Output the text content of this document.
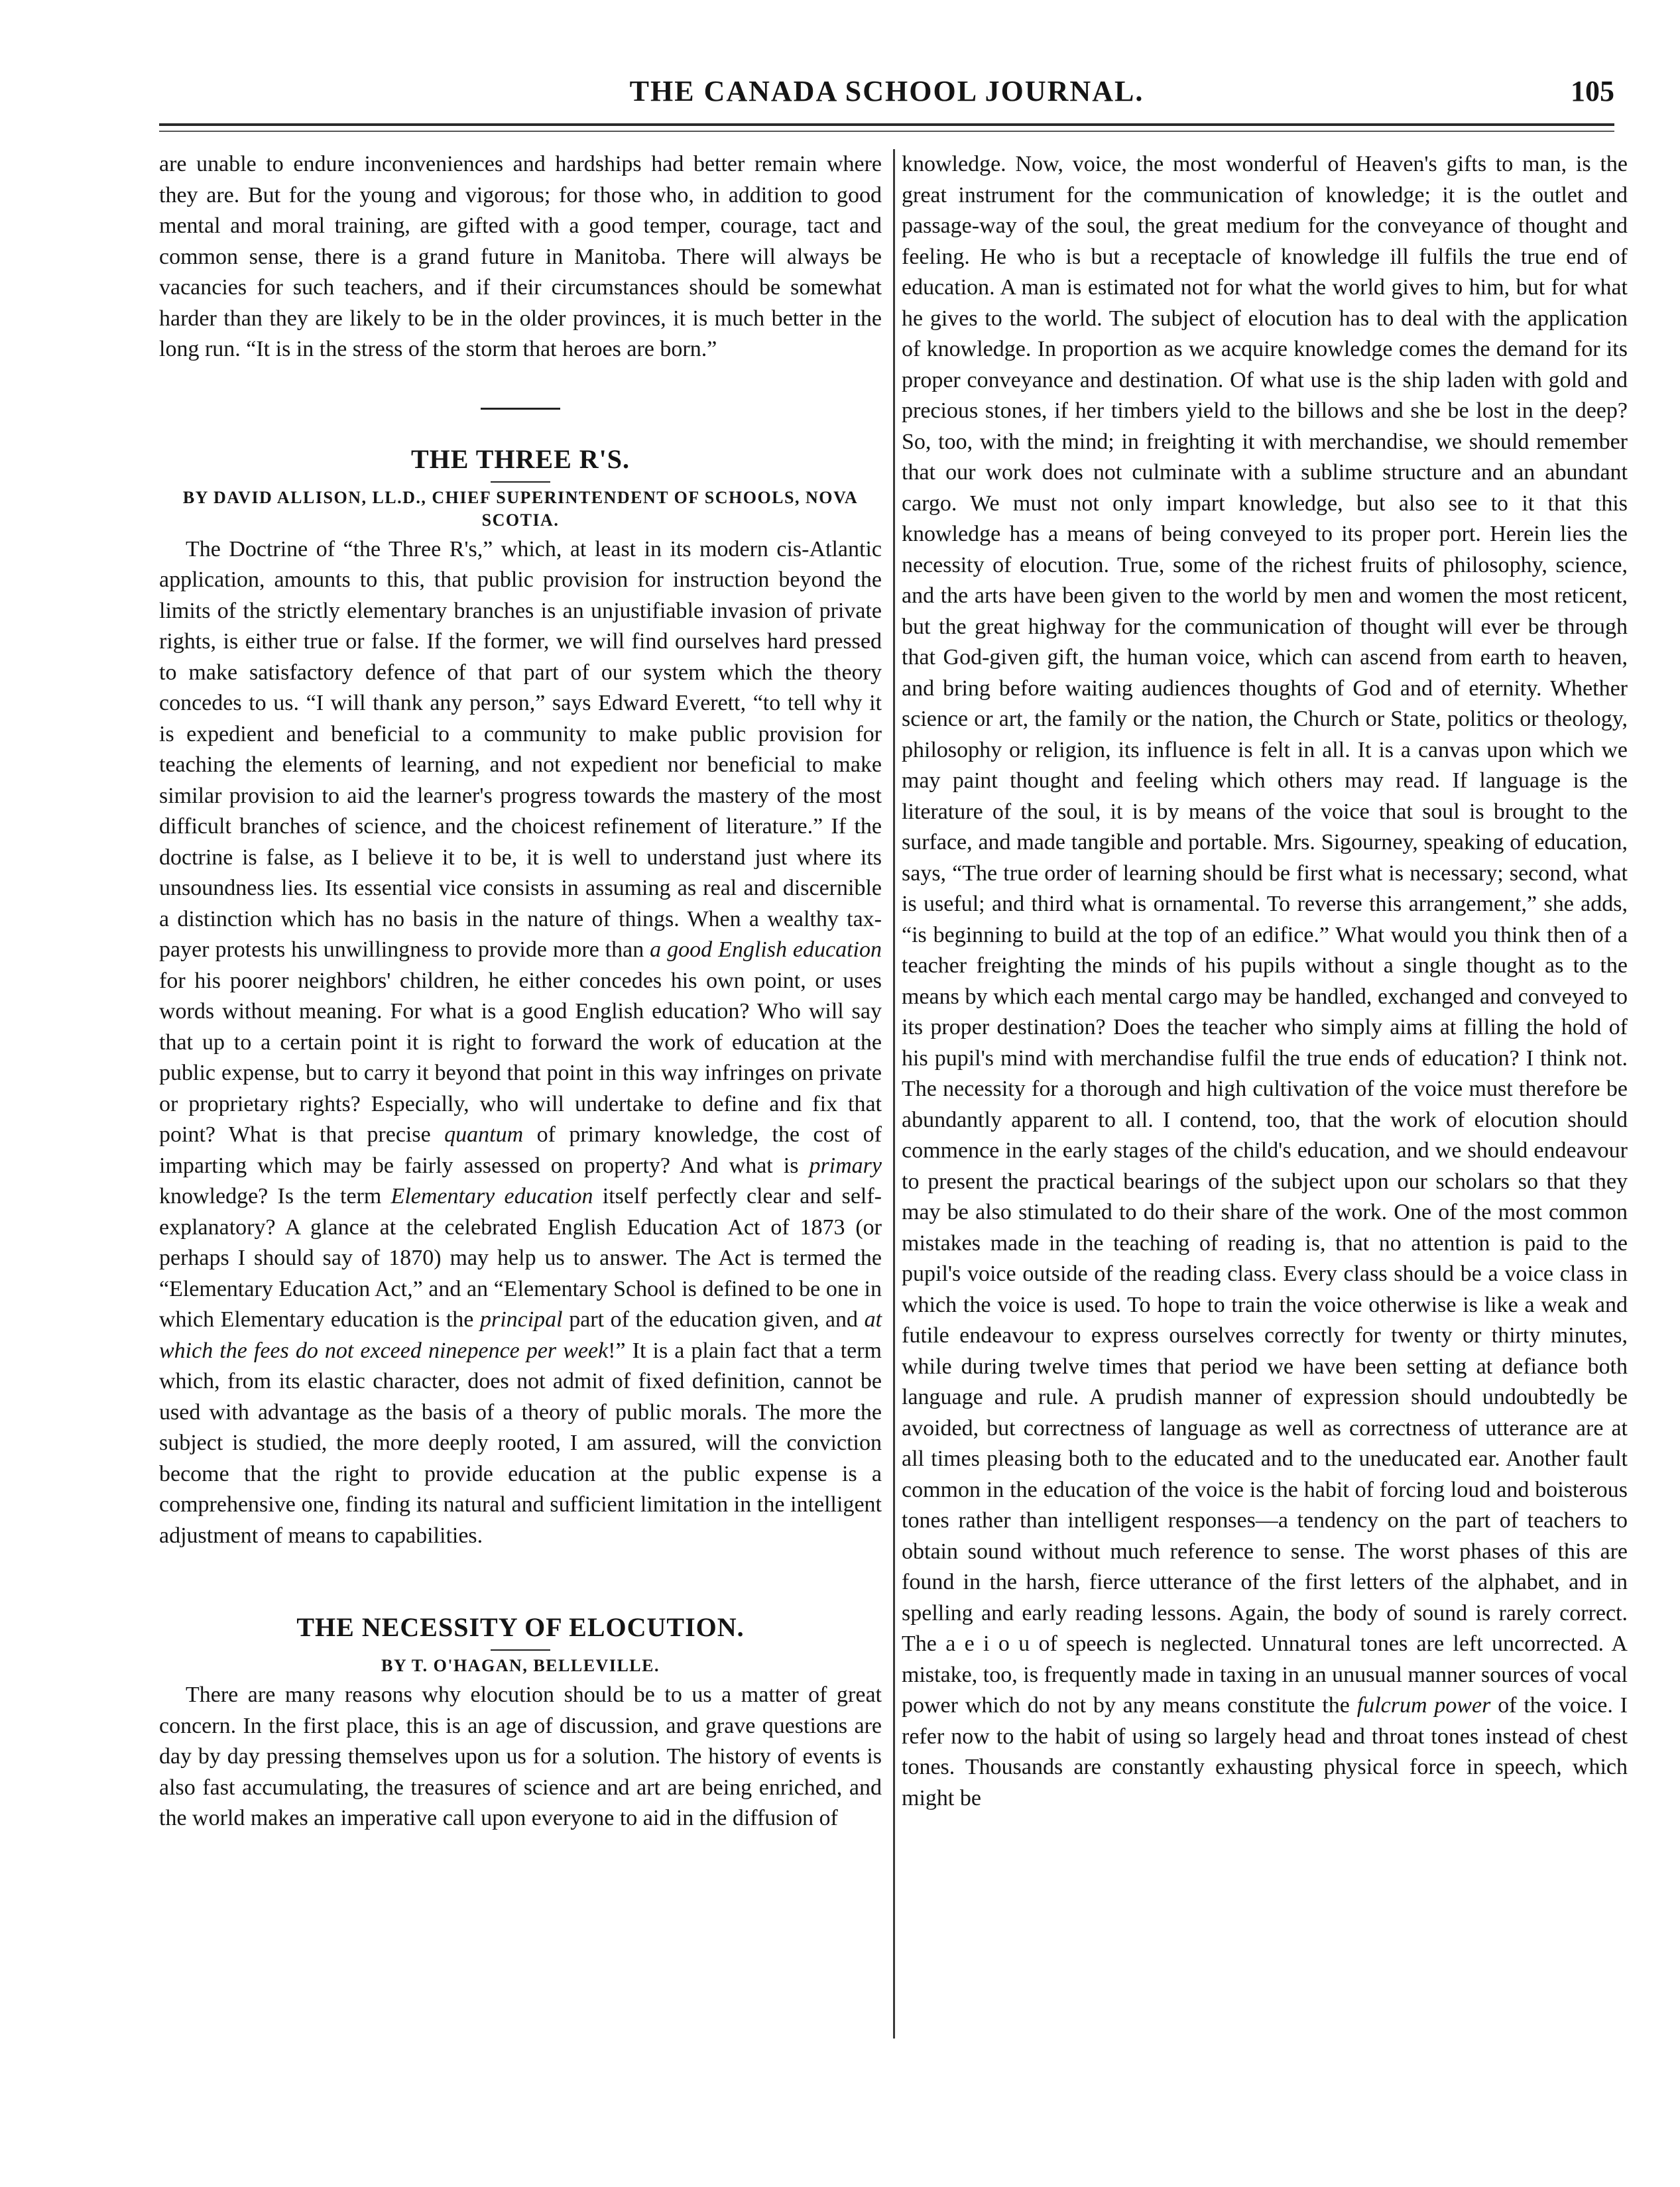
THE CANADA SCHOOL JOURNAL.	105

are unable to endure inconveniences and hardships had better remain where they are. But for the young and vigorous; for those who, in addition to good mental and moral training, are gifted with a good temper, courage, tact and common sense, there is a grand future in Manitoba. There will always be vacancies for such teachers, and if their circumstances should be somewhat harder than they are likely to be in the older provinces, it is much better in the long run. “It is in the stress of the storm that heroes are born.”

THE THREE R'S.
BY DAVID ALLISON, LL.D., CHIEF SUPERINTENDENT OF SCHOOLS, NOVA SCOTIA.

The Doctrine of “the Three R's,” which, at least in its modern cis-Atlantic application, amounts to this, that public provision for instruction beyond the limits of the strictly elementary branches is an unjustifiable invasion of private rights, is either true or false. If the former, we will find ourselves hard pressed to make satisfactory defence of that part of our system which the theory concedes to us. “I will thank any person,” says Edward Everett, “to tell why it is expedient and beneficial to a community to make public provision for teaching the elements of learning, and not expedient nor beneficial to make similar provision to aid the learner's progress towards the mastery of the most difficult branches of science, and the choicest refinement of literature.” If the doctrine is false, as I believe it to be, it is well to understand just where its unsoundness lies. Its essential vice consists in assuming as real and discernible a distinction which has no basis in the nature of things. When a wealthy tax-payer protests his unwillingness to provide more than a good English education for his poorer neighbors' children, he either concedes his own point, or uses words without meaning. For what is a good English education? Who will say that up to a certain point it is right to forward the work of education at the public expense, but to carry it beyond that point in this way infringes on private or proprietary rights? Especially, who will undertake to define and fix that point? What is that precise quantum of primary knowledge, the cost of imparting which may be fairly assessed on property? And what is primary knowledge? Is the term Elementary education itself perfectly clear and self-explanatory? A glance at the celebrated English Education Act of 1873 (or perhaps I should say of 1870) may help us to answer. The Act is termed the “Elementary Education Act,” and an “Elementary School is defined to be one in which Elementary education is the principal part of the education given, and at which the fees do not exceed ninepence per week!” It is a plain fact that a term which, from its elastic character, does not admit of fixed definition, cannot be used with advantage as the basis of a theory of public morals. The more the subject is studied, the more deeply rooted, I am assured, will the conviction become that the right to provide education at the public expense is a comprehensive one, finding its natural and sufficient limitation in the intelligent adjustment of means to capabilities.

THE NECESSITY OF ELOCUTION.
BY T. O'HAGAN, BELLEVILLE.

There are many reasons why elocution should be to us a matter of great concern. In the first place, this is an age of discussion, and grave questions are day by day pressing themselves upon us for a solution. The history of events is also fast accumulating, the treasures of science and art are being enriched, and the world makes an imperative call upon everyone to aid in the diffusion of

knowledge. Now, voice, the most wonderful of Heaven's gifts to man, is the great instrument for the communication of knowledge; it is the outlet and passage-way of the soul, the great medium for the conveyance of thought and feeling. He who is but a receptacle of knowledge ill fulfils the true end of education. A man is estimated not for what the world gives to him, but for what he gives to the world. The subject of elocution has to deal with the application of knowledge. In proportion as we acquire knowledge comes the demand for its proper conveyance and destination. Of what use is the ship laden with gold and precious stones, if her timbers yield to the billows and she be lost in the deep? So, too, with the mind; in freighting it with merchandise, we should remember that our work does not culminate with a sublime structure and an abundant cargo. We must not only impart knowledge, but also see to it that this knowledge has a means of being conveyed to its proper port. Herein lies the necessity of elocution. True, some of the richest fruits of philosophy, science, and the arts have been given to the world by men and women the most reticent, but the great highway for the communication of thought will ever be through that God-given gift, the human voice, which can ascend from earth to heaven, and bring before waiting audiences thoughts of God and of eternity. Whether science or art, the family or the nation, the Church or State, politics or theology, philosophy or religion, its influence is felt in all. It is a canvas upon which we may paint thought and feeling which others may read. If language is the literature of the soul, it is by means of the voice that soul is brought to the surface, and made tangible and portable. Mrs. Sigourney, speaking of education, says, “The true order of learning should be first what is necessary; second, what is useful; and third what is ornamental. To reverse this arrangement,” she adds, “is beginning to build at the top of an edifice.” What would you think then of a teacher freighting the minds of his pupils without a single thought as to the means by which each mental cargo may be handled, exchanged and conveyed to its proper destination? Does the teacher who simply aims at filling the hold of his pupil's mind with merchandise fulfil the true ends of education? I think not. The necessity for a thorough and high cultivation of the voice must therefore be abundantly apparent to all. I contend, too, that the work of elocution should commence in the early stages of the child's education, and we should endeavour to present the practical bearings of the subject upon our scholars so that they may be also stimulated to do their share of the work. One of the most common mistakes made in the teaching of reading is, that no attention is paid to the pupil's voice outside of the reading class. Every class should be a voice class in which the voice is used. To hope to train the voice otherwise is like a weak and futile endeavour to express ourselves correctly for twenty or thirty minutes, while during twelve times that period we have been setting at defiance both language and rule. A prudish manner of expression should undoubtedly be avoided, but correctness of language as well as correctness of utterance are at all times pleasing both to the educated and to the uneducated ear. Another fault common in the education of the voice is the habit of forcing loud and boisterous tones rather than intelligent responses—a tendency on the part of teachers to obtain sound without much reference to sense. The worst phases of this are found in the harsh, fierce utterance of the first letters of the alphabet, and in spelling and early reading lessons. Again, the body of sound is rarely correct. The a e i o u of speech is neglected. Unnatural tones are left uncorrected. A mistake, too, is frequently made in taxing in an unusual manner sources of vocal power which do not by any means constitute the fulcrum power of the voice. I refer now to the habit of using so largely head and throat tones instead of chest tones. Thousands are constantly exhausting physical force in speech, which might be
